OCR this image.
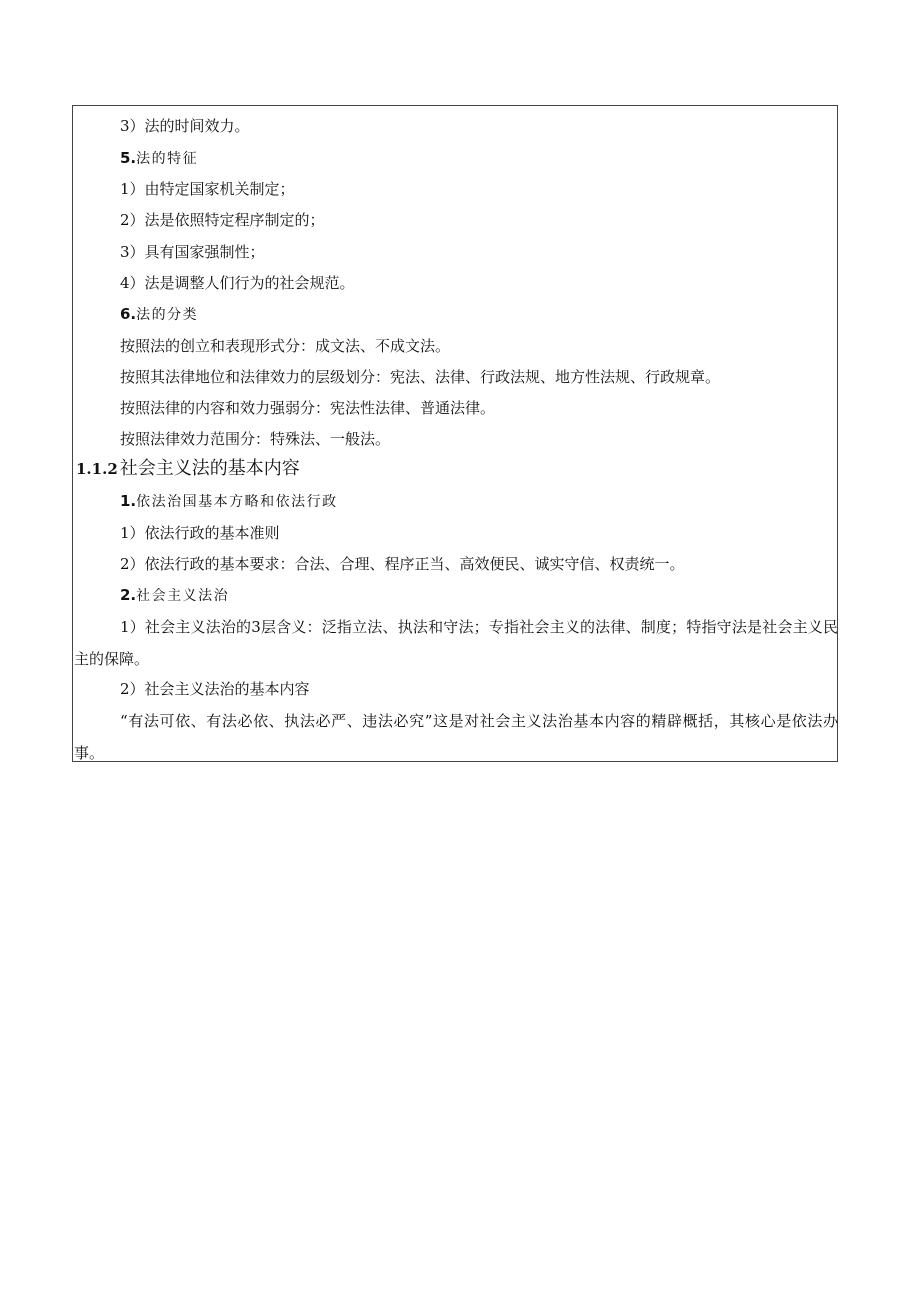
3）法的时间效力。
5.法的特征
1）由特定国家机关制定；
2）法是依照特定程序制定的；
3）具有国家强制性；
4）法是调整人们行为的社会规范。
6.法的分类
按照法的创立和表现形式分：成文法、不成文法。
按照其法律地位和法律效力的层级划分：宪法、法律、行政法规、地方性法规、行政规章。
按照法律的内容和效力强弱分：宪法性法律、普通法律。
按照法律效力范围分：特殊法、一般法。
1.1.2 社会主义法的基本内容
1.依法治国基本方略和依法行政
1）依法行政的基本准则
2）依法行政的基本要求：合法、合理、程序正当、高效便民、诚实守信、权责统一。
2.社会主义法治
1）社会主义法治的3层含义：泛指立法、执法和守法；专指社会主义的法律、制度；特指守法是社会主义民主的保障。
2）社会主义法治的基本内容
“有法可依、有法必依、执法必严、违法必究”这是对社会主义法治基本内容的精辟概括，其核心是依法办事。
